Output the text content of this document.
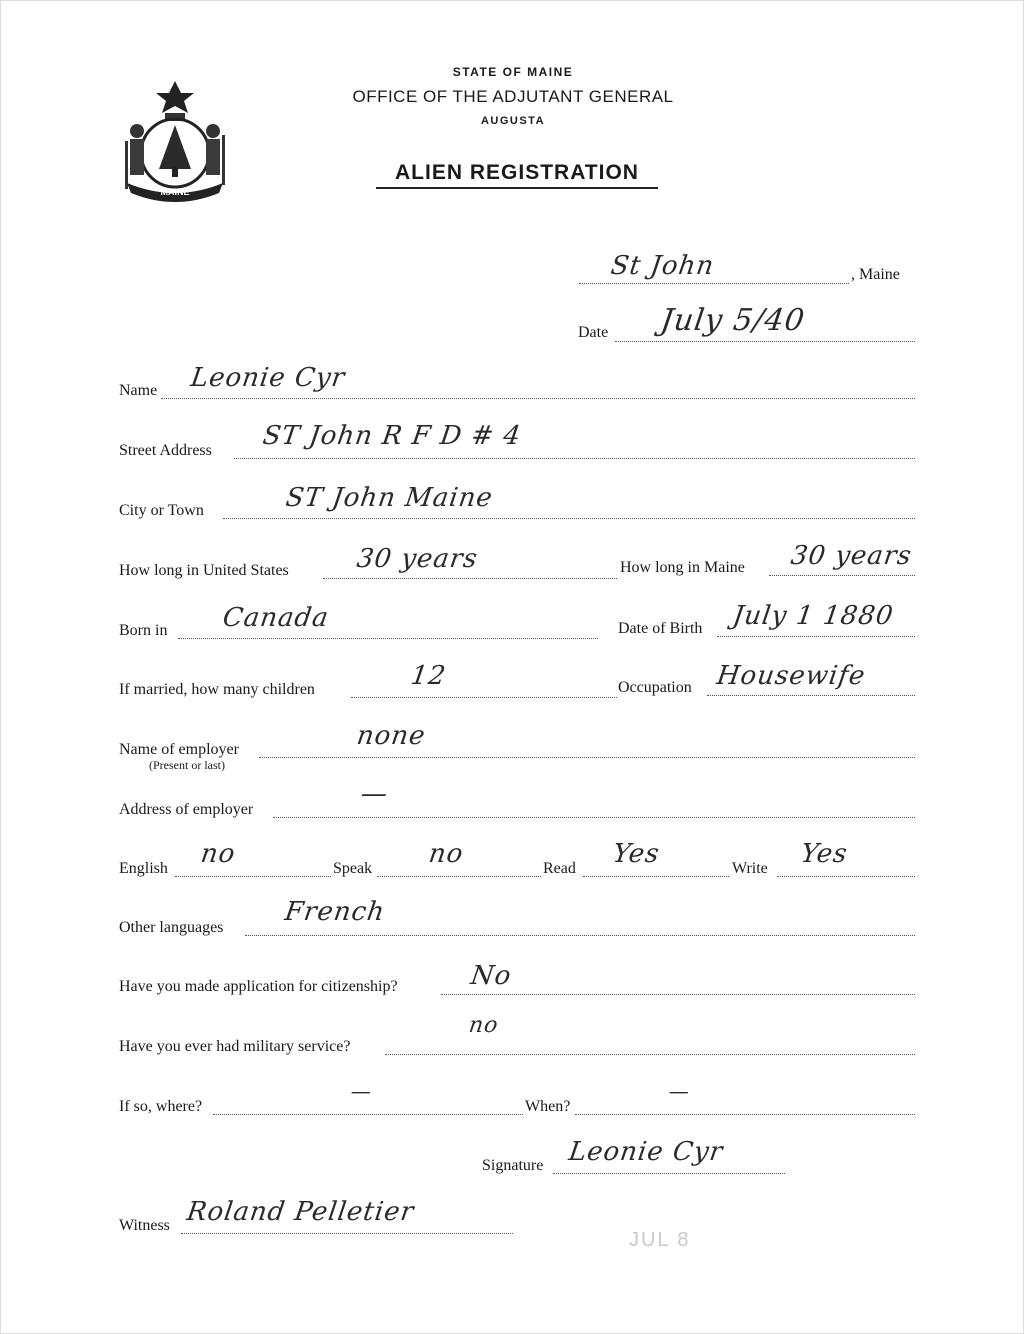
MAINE
STATE OF MAINE
OFFICE OF THE ADJUTANT GENERAL
AUGUSTA
ALIEN REGISTRATION
St John	, Maine
Date July 5/40
Name Leonie Cyr
Street Address ST John R F D # 4
City or Town	ST John Maine
How long in United States	30 years	How long in Maine 30 years
Born in Canada	Date of Birth July 1 1880
If married, how many children	12	Occupation Housewife
Name of employer
(Present or last)
none
Address of employer
—
English no	Speak no	Read Yes	Write Yes
Other languages
French
Have you made application for citizenship?	No
Have you ever had military service?
no
If so, where?
—
When?
—
Signature Leonie Cyr
Witness Roland Pelletier
JUL 8
